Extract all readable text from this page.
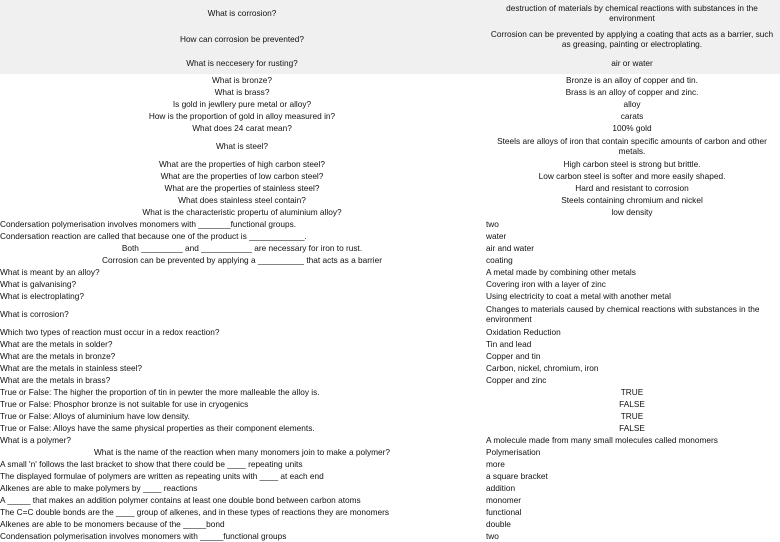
What is corrosion?	destruction of materials by chemical reactions with substances in the environment
How can corrosion be prevented?	Corrosion can be prevented by applying a coating that acts as a barrier, such as greasing, painting or electroplating.
What is neccesery for rusting?	air or water
What is bronze?	Bronze is an alloy of copper and tin.
What is brass?	Brass is an alloy of copper and zinc.
Is gold in jewllery pure metal or alloy?	alloy
How is the proportion of gold in alloy measured in?	carats
What does 24 carat mean?	100% gold
What is steel?	Steels are alloys of iron that contain specific amounts of carbon and other metals.
What are the properties of high carbon steel?	High carbon steel is strong but brittle.
What are the properties of low carbon steel?	Low carbon steel is softer and more easily shaped.
What are the properties of stainless steel?	Hard and resistant to corrosion
What does stainless steel contain?	Steels containing chromium and nickel
What is the characteristic propertu of aluminium alloy?	low density
Condersation polymerisation involves monomers with _______functional groups.	two
Condersation reaction are called that because one of the product is ____________.	water
Both _________ and ___________ are necessary for iron to rust.	air and water
Corrosion can be prevented by applying a __________ that acts as a barrier	coating
What is meant by an alloy?	A metal made by combining other metals
What is galvanising?	Covering iron with a layer of zinc
What is electroplating?	Using electricity to coat a metal with another metal
What is corrosion?	Changes to materials caused by chemical reactions with substances in the environment
Which two types of reaction must occur in a redox reaction?	Oxidation Reduction
What are the metals in solder?	Tin and lead
What are the metals in bronze?	Copper and tin
What are the metals in stainless steel?	Carbon, nickel, chromium, iron
What are the metals in brass?	Copper and zinc
True or False: The higher the proportion of tin in pewter the more malleable the alloy is.	TRUE
True or False: Phosphor bronze is not suitable for use in cryogenics	FALSE
True or False: Alloys of aluminium have low density.	TRUE
True or False: Alloys have the same physical properties as their component elements.	FALSE
What is a polymer?	A molecule made from many small molecules called monomers
What is the name of the reaction when many monomers join to make a polymer?	Polymerisation
A small 'n' follows the last bracket to show that there could be ____ repeating units	more
The displayed formulae of polymers are written as repeating units with ____ at each end	a square bracket
Alkenes are able to make polymers by ____ reactions	addition
A _____ that makes an addition polymer contains at least one double bond between carbon atoms	monomer
The C=C double bonds are the ____ group of alkenes, and in these types of reactions they are monomers	functional
Alkenes are able to be monomers because of the _____bond	double
Condensation polymerisation involves monomers with _____functional groups	two
